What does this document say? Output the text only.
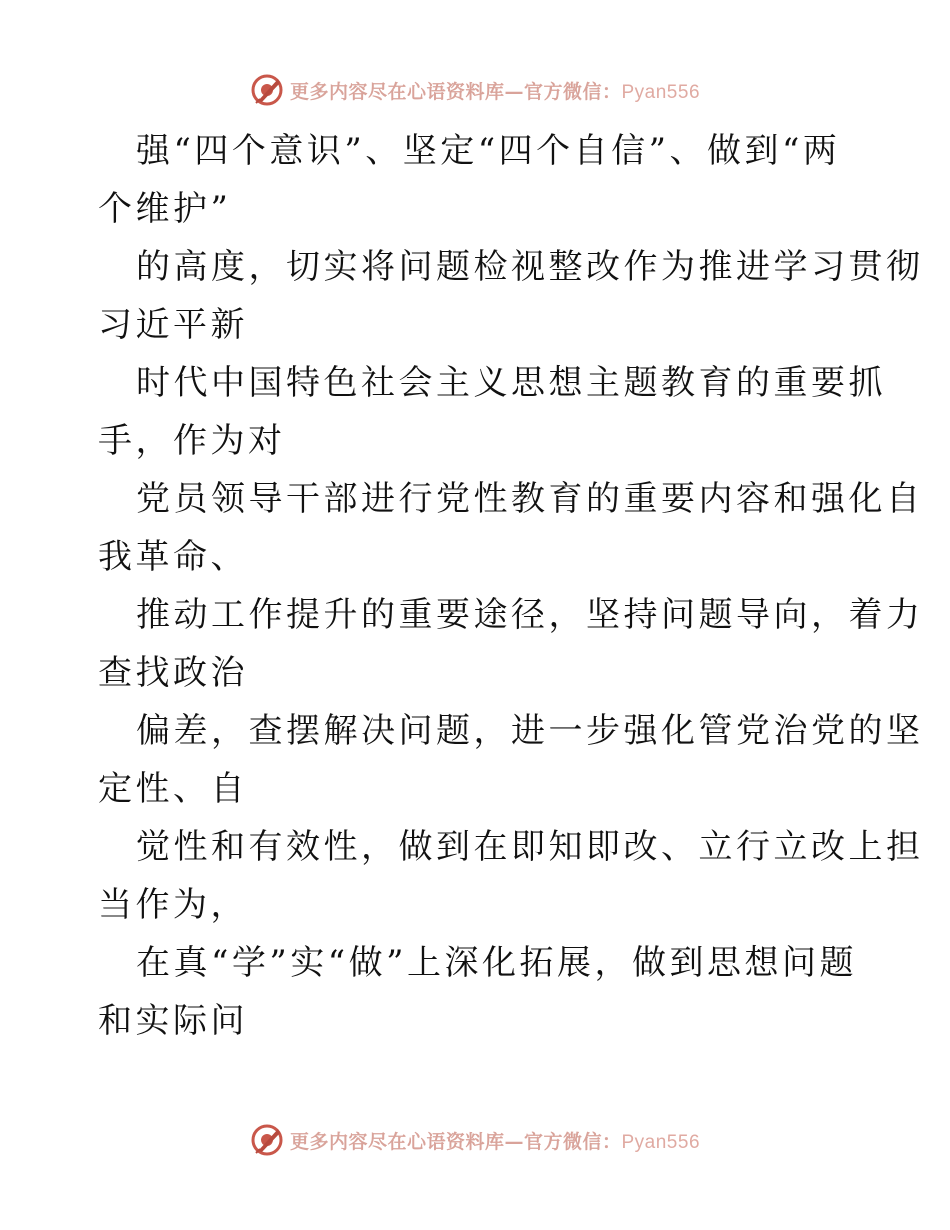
更多内容尽在心语资料库—官方微信：Pyan556
强“四个意识”、坚定“四个自信”、做到“两
个维护”
的高度，切实将问题检视整改作为推进学习贯彻
习近平新
时代中国特色社会主义思想主题教育的重要抓
手，作为对
党员领导干部进行党性教育的重要内容和强化自
我革命、
推动工作提升的重要途径，坚持问题导向，着力
查找政治
偏差，查摆解决问题，进一步强化管党治党的坚
定性、自
觉性和有效性，做到在即知即改、立行立改上担
当作为，
在真“学”实“做”上深化拓展，做到思想问题
和实际问
更多内容尽在心语资料库—官方微信：Pyan556
